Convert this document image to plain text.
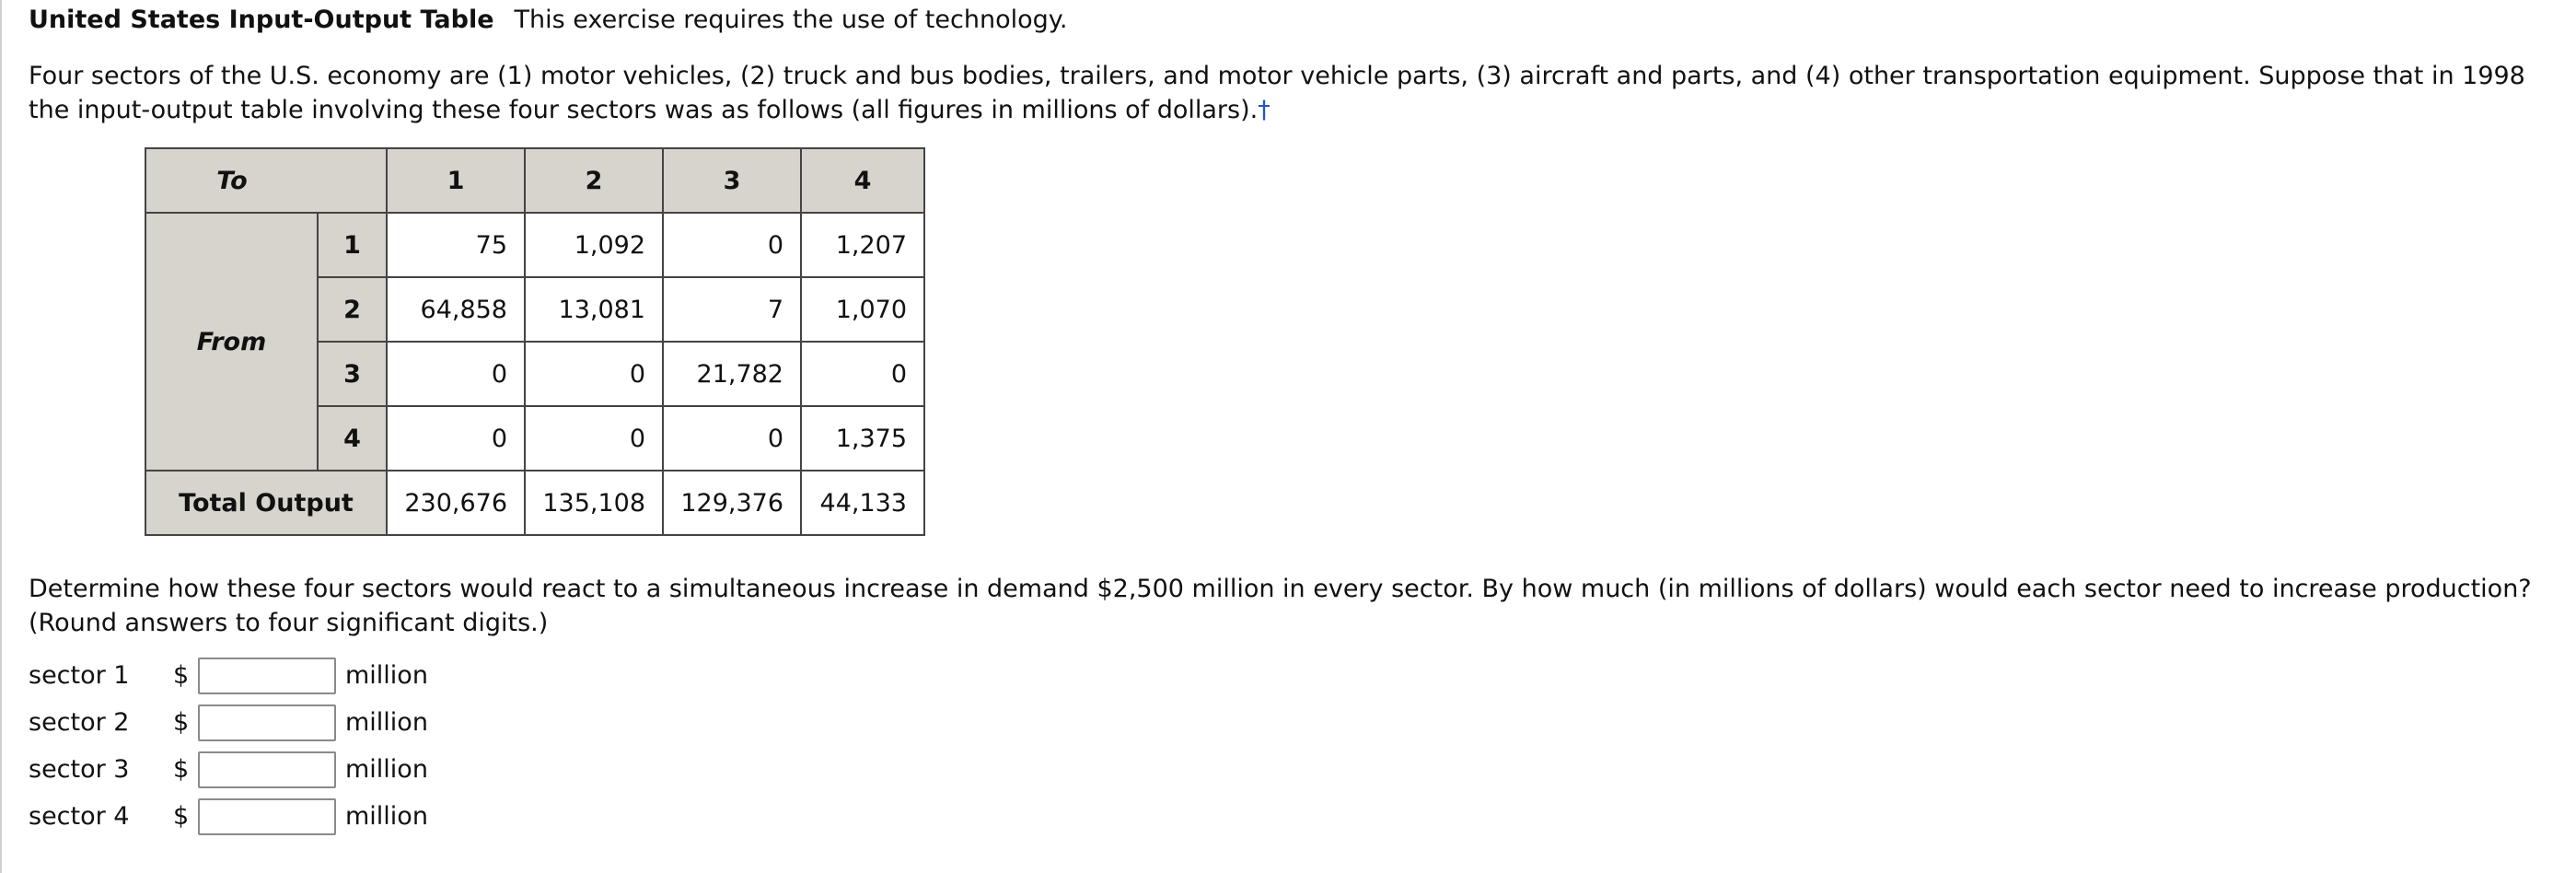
United States Input-Output Table This exercise requires the use of technology.

Four sectors of the U.S. economy are (1) motor vehicles, (2) truck and bus bodies, trailers, and motor vehicle parts, (3) aircraft and parts, and (4) other transportation equipment. Suppose that in 1998 the input-output table involving these four sectors was as follows (all figures in millions of dollars).†

To		1	2	3	4
From	1	75	1,092	0	1,207
	2	64,858	13,081	7	1,070
	3	0	0	21,782	0
	4	0	0	0	1,375
Total Output		230,676	135,108	129,376	44,133

Determine how these four sectors would react to a simultaneous increase in demand $2,500 million in every sector. By how much (in millions of dollars) would each sector need to increase production? (Round answers to four significant digits.)

sector 1	$	million
sector 2	$	million
sector 3	$	million
sector 4	$	million
